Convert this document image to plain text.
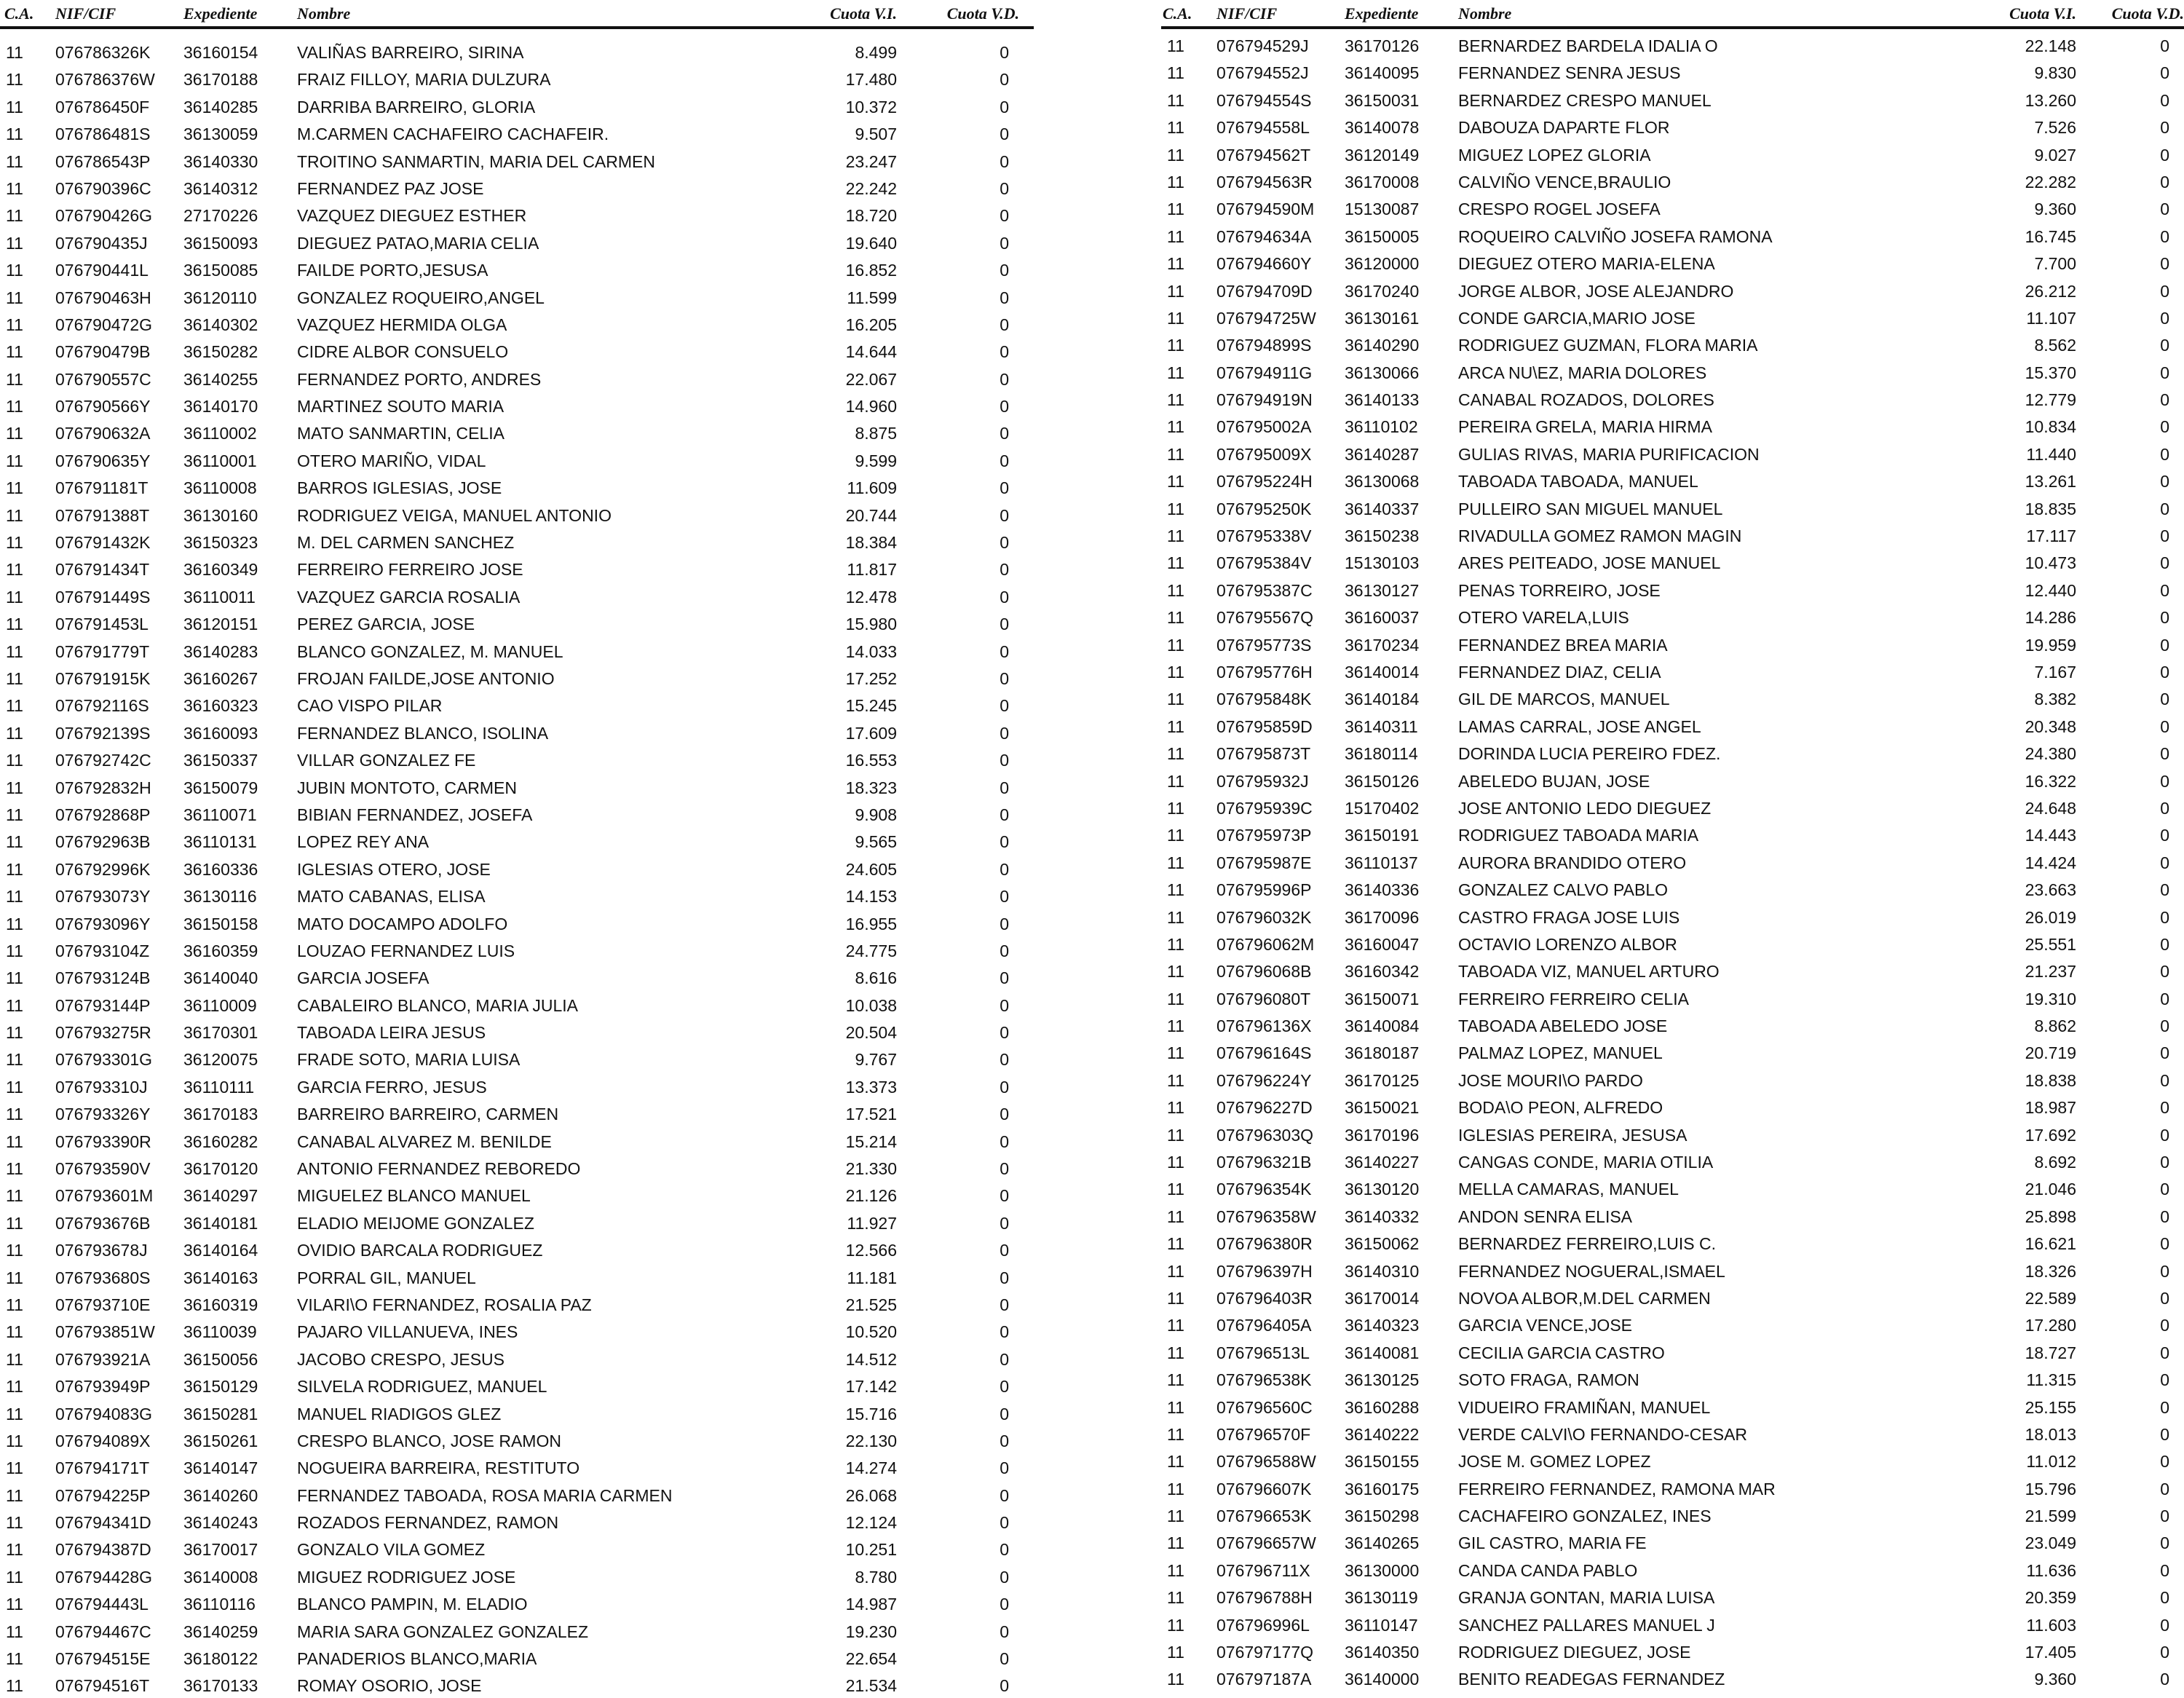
C.A. NIF/CIF	Expediente Nombre	Cuota V.I.	Cuota V.D.
11 076786326K 36160154 VALIÑAS BARREIRO, SIRINA	8.499	0
11 076786376W 36170188 FRAIZ FILLOY, MARIA DULZURA	17.480	0
11 076786450F 36140285 DARRIBA BARREIRO, GLORIA	10.372	0
11 076786481S 36130059 M.CARMEN CACHAFEIRO CACHAFEIR.	9.507	0
11 076786543P 36140330 TROITINO SANMARTIN, MARIA DEL CARMEN	23.247	0
11 076790396C 36140312 FERNANDEZ PAZ JOSE	22.242	0
11 076790426G 27170226 VAZQUEZ DIEGUEZ ESTHER	18.720	0
11 076790435J 36150093 DIEGUEZ PATAO,MARIA CELIA	19.640	0
11 076790441L 36150085 FAILDE PORTO,JESUSA	16.852	0
11 076790463H 36120110 GONZALEZ ROQUEIRO,ANGEL	11.599	0
11 076790472G 36140302 VAZQUEZ HERMIDA OLGA	16.205	0
11 076790479B 36150282 CIDRE ALBOR CONSUELO	14.644	0
11 076790557C 36140255 FERNANDEZ PORTO, ANDRES	22.067	0
11 076790566Y 36140170 MARTINEZ SOUTO MARIA	14.960	0
11 076790632A 36110002 MATO SANMARTIN, CELIA	8.875	0
11 076790635Y 36110001 OTERO MARIÑO, VIDAL	9.599	0
11 076791181T 36110008 BARROS IGLESIAS, JOSE	11.609	0
11 076791388T 36130160 RODRIGUEZ VEIGA, MANUEL ANTONIO	20.744	0
11 076791432K 36150323 M. DEL CARMEN SANCHEZ	18.384	0
11 076791434T 36160349 FERREIRO FERREIRO JOSE	11.817	0
11 076791449S 36110011 VAZQUEZ GARCIA ROSALIA	12.478	0
11 076791453L 36120151 PEREZ GARCIA, JOSE	15.980	0
11 076791779T 36140283 BLANCO GONZALEZ, M. MANUEL	14.033	0
11 076791915K 36160267 FROJAN FAILDE,JOSE ANTONIO	17.252	0
11 076792116S 36160323 CAO VISPO PILAR	15.245	0
11 076792139S 36160093 FERNANDEZ BLANCO, ISOLINA	17.609	0
11 076792742C 36150337 VILLAR GONZALEZ FE	16.553	0
11 076792832H 36150079 JUBIN MONTOTO, CARMEN	18.323	0
11 076792868P 36110071 BIBIAN FERNANDEZ, JOSEFA	9.908	0
11 076792963B 36110131 LOPEZ REY ANA	9.565	0
11 076792996K 36160336 IGLESIAS OTERO, JOSE	24.605	0
11 076793073Y 36130116 MATO CABANAS, ELISA	14.153	0
11 076793096Y 36150158 MATO DOCAMPO ADOLFO	16.955	0
11 076793104Z 36160359 LOUZAO FERNANDEZ LUIS	24.775	0
11 076793124B 36140040 GARCIA JOSEFA	8.616	0
11 076793144P 36110009 CABALEIRO BLANCO, MARIA JULIA	10.038	0
11 076793275R 36170301 TABOADA LEIRA JESUS	20.504	0
11 076793301G 36120075 FRADE SOTO, MARIA LUISA	9.767	0
11 076793310J 36110111	GARCIA FERRO, JESUS	13.373	0
11 076793326Y 36170183 BARREIRO BARREIRO, CARMEN	17.521	0
11 076793390R 36160282 CANABAL ALVAREZ M. BENILDE	15.214	0
11 076793590V 36170120 ANTONIO FERNANDEZ REBOREDO	21.330	0
11 076793601M 36140297 MIGUELEZ BLANCO MANUEL	21.126	0
11 076793676B 36140181 ELADIO MEIJOME GONZALEZ	11.927	0
11 076793678J 36140164 OVIDIO BARCALA RODRIGUEZ	12.566	0
11 076793680S 36140163 PORRAL GIL, MANUEL	11.181	0
11 076793710E 36160319 VILARI\O FERNANDEZ, ROSALIA PAZ	21.525	0
11 076793851W 36110039 PAJARO VILLANUEVA, INES	10.520	0
11 076793921A 36150056 JACOBO CRESPO, JESUS	14.512	0
11 076793949P 36150129 SILVELA RODRIGUEZ, MANUEL	17.142	0
11 076794083G 36150281 MANUEL RIADIGOS GLEZ	15.716	0
11 076794089X 36150261 CRESPO BLANCO, JOSE RAMON	22.130	0
11 076794171T 36140147 NOGUEIRA BARREIRA, RESTITUTO	14.274	0
11 076794225P 36140260 FERNANDEZ TABOADA, ROSA MARIA CARMEN	26.068	0
11 076794341D 36140243 ROZADOS FERNANDEZ, RAMON	12.124	0
11 076794387D 36170017 GONZALO VILA GOMEZ	10.251	0
11 076794428G 36140008 MIGUEZ RODRIGUEZ JOSE	8.780	0
11 076794443L 36110116 BLANCO PAMPIN, M. ELADIO	14.987	0
11 076794467C 36140259 MARIA SARA GONZALEZ GONZALEZ	19.230	0
11 076794515E 36180122 PANADERIOS BLANCO,MARIA	22.654	0
11 076794516T 36170133 ROMAY OSORIO, JOSE	21.534	0
C.A. NIF/CIF	Expediente Nombre	Cuota V.I. Cuota V.D.
11 076794529J 36170126 BERNARDEZ BARDELA IDALIA O	22.148	0
11 076794552J 36140095 FERNANDEZ SENRA JESUS	9.830	0
11 076794554S 36150031 BERNARDEZ CRESPO MANUEL	13.260	0
11 076794558L 36140078 DABOUZA DAPARTE FLOR	7.526	0
11 076794562T 36120149 MIGUEZ LOPEZ GLORIA	9.027	0
11 076794563R 36170008 CALVIÑO VENCE,BRAULIO	22.282	0
11 076794590M 15130087 CRESPO ROGEL JOSEFA	9.360	0
11 076794634A 36150005 ROQUEIRO CALVIÑO JOSEFA RAMONA	16.745	0
11 076794660Y 36120000 DIEGUEZ OTERO MARIA-ELENA	7.700	0
11 076794709D 36170240 JORGE ALBOR, JOSE ALEJANDRO	26.212	0
11 076794725W 36130161 CONDE GARCIA,MARIO JOSE	11.107	0
11 076794899S 36140290 RODRIGUEZ GUZMAN, FLORA MARIA	8.562	0
11 076794911G 36130066 ARCA NU\EZ, MARIA DOLORES	15.370	0
11 076794919N 36140133 CANABAL ROZADOS, DOLORES	12.779	0
11 076795002A 36110102 PEREIRA GRELA, MARIA HIRMA	10.834	0
11 076795009X 36140287 GULIAS RIVAS, MARIA PURIFICACION	11.440	0
11 076795224H 36130068 TABOADA TABOADA, MANUEL	13.261	0
11 076795250K 36140337 PULLEIRO SAN MIGUEL MANUEL	18.835	0
11 076795338V 36150238 RIVADULLA GOMEZ RAMON MAGIN	17.117	0
11 076795384V 15130103 ARES PEITEADO, JOSE MANUEL	10.473	0
11 076795387C 36130127 PENAS TORREIRO, JOSE	12.440	0
11 076795567Q 36160037 OTERO VARELA,LUIS	14.286	0
11 076795773S 36170234 FERNANDEZ BREA MARIA	19.959	0
11 076795776H 36140014 FERNANDEZ DIAZ, CELIA	7.167	0
11 076795848K 36140184 GIL DE MARCOS, MANUEL	8.382	0
11 076795859D 36140311 LAMAS CARRAL, JOSE ANGEL	20.348	0
11 076795873T 36180114 DORINDA LUCIA PEREIRO FDEZ.	24.380	0
11 076795932J 36150126 ABELEDO BUJAN, JOSE	16.322	0
11 076795939C 15170402 JOSE ANTONIO LEDO DIEGUEZ	24.648	0
11 076795973P 36150191 RODRIGUEZ TABOADA MARIA	14.443	0
11 076795987E 36110137 AURORA BRANDIDO OTERO	14.424	0
11 076795996P 36140336 GONZALEZ CALVO PABLO	23.663	0
11 076796032K 36170096 CASTRO FRAGA JOSE LUIS	26.019	0
11 076796062M 36160047 OCTAVIO LORENZO ALBOR	25.551	0
11 076796068B 36160342 TABOADA VIZ, MANUEL ARTURO	21.237	0
11 076796080T 36150071 FERREIRO FERREIRO CELIA	19.310	0
11 076796136X 36140084 TABOADA ABELEDO JOSE	8.862	0
11 076796164S 36180187 PALMAZ LOPEZ, MANUEL	20.719	0
11 076796224Y 36170125 JOSE MOURI\O PARDO	18.838	0
11 076796227D 36150021 BODA\O PEON, ALFREDO	18.987	0
11 076796303Q 36170196 IGLESIAS PEREIRA, JESUSA	17.692	0
11 076796321B 36140227 CANGAS CONDE, MARIA OTILIA	8.692	0
11 076796354K 36130120 MELLA CAMARAS, MANUEL	21.046	0
11 076796358W 36140332 ANDON SENRA ELISA	25.898	0
11 076796380R 36150062 BERNARDEZ FERREIRO,LUIS C.	16.621	0
11 076796397H 36140310 FERNANDEZ NOGUERAL,ISMAEL	18.326	0
11 076796403R 36170014 NOVOA ALBOR,M.DEL CARMEN	22.589	0
11 076796405A 36140323 GARCIA VENCE,JOSE	17.280	0
11 076796513L 36140081 CECILIA GARCIA CASTRO	18.727	0
11 076796538K 36130125 SOTO FRAGA, RAMON	11.315	0
11 076796560C 36160288 VIDUEIRO FRAMIÑAN, MANUEL	25.155	0
11 076796570F 36140222 VERDE CALVI\O FERNANDO-CESAR	18.013	0
11 076796588W 36150155 JOSE M. GOMEZ LOPEZ	11.012	0
11 076796607K 36160175 FERREIRO FERNANDEZ, RAMONA MAR	15.796	0
11 076796653K 36150298 CACHAFEIRO GONZALEZ, INES	21.599	0
11 076796657W 36140265 GIL CASTRO, MARIA FE	23.049	0
11 076796711X 36130000 CANDA CANDA PABLO	11.636	0
11 076796788H 36130119 GRANJA GONTAN, MARIA LUISA	20.359	0
11 076796996L 36110147 SANCHEZ PALLARES MANUEL J	11.603	0
11 076797177Q 36140350 RODRIGUEZ DIEGUEZ, JOSE	17.405	0
11 076797187A 36140000 BENITO READEGAS FERNANDEZ	9.360	0
